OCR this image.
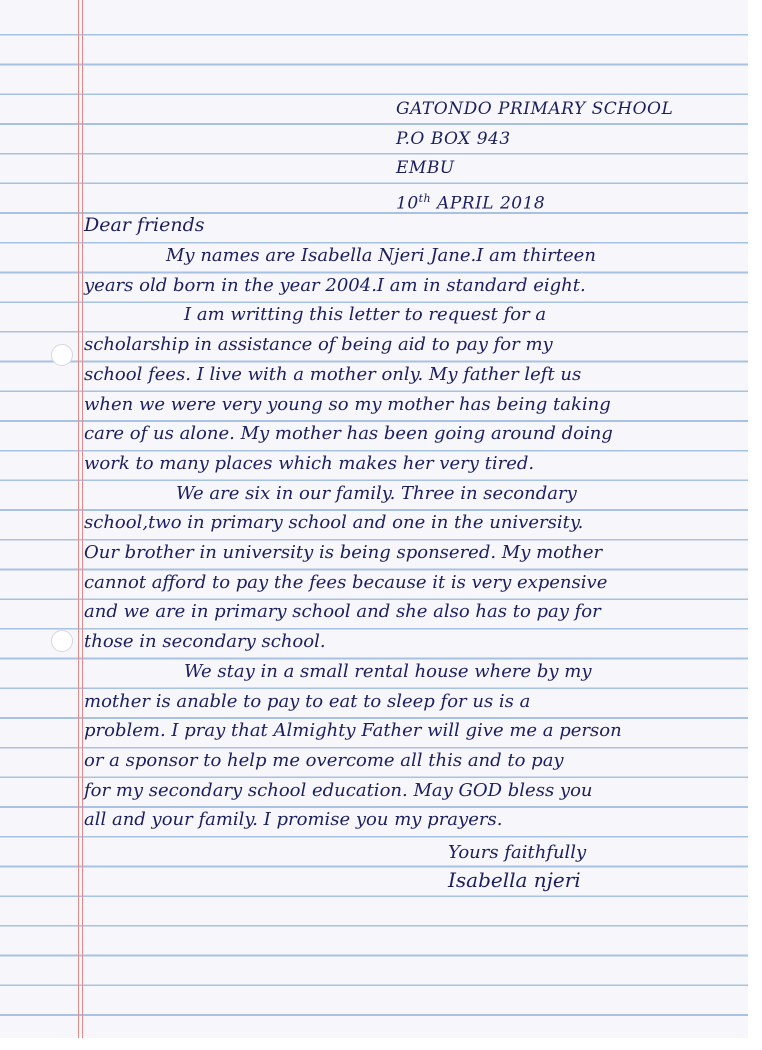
GATONDO PRIMARY SCHOOL
P.O BOX 943
EMBU
10th APRIL 2018
Dear friends
My names are Isabella Njeri Jane.I am thirteen
years old born in the year 2004.I am in standard eight.
I am writting this letter to request for a
scholarship in assistance of being aid to pay for my
school fees. I live with a mother only. My father left us
when we were very young so my mother has being taking
care of us alone. My mother has been going around doing
work to many places which makes her very tired.
We are six in our family. Three in secondary
school,two in primary school and one in the university.
Our brother in university is being sponsered. My mother
cannot afford to pay the fees because it is very expensive
and we are in primary school and she also has to pay for
those in secondary school.
We stay in a small rental house where by my
mother is anable to pay to eat to sleep for us is a
problem. I pray that Almighty Father will give me a person
or a sponsor to help me overcome all this and to pay
for my secondary school education. May GOD bless you
all and your family. I promise you my prayers.
Yours faithfully
Isabella njeri
